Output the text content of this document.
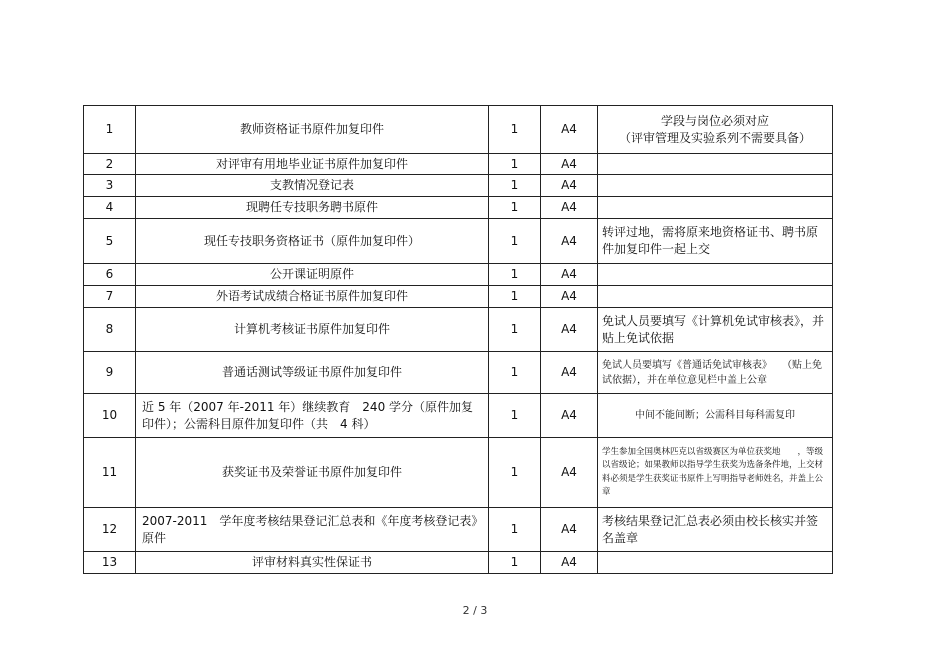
1	教师资格证书原件加复印件	1	A4	学段与岗位必须对应
（评审管理及实验系列不需要具备）
2	对评审有用地毕业证书原件加复印件	1	A4	
3	支教情况登记表	1	A4	
4	现聘任专技职务聘书原件	1	A4	
5	现任专技职务资格证书（原件加复印件）	1	A4	转评过地，需将原来地资格证书、聘书原件加复印件一起上交
6	公开课证明原件	1	A4	
7	外语考试成绩合格证书原件加复印件	1	A4	
8	计算机考核证书原件加复印件	1	A4	免试人员要填写《计算机免试审核表》，并贴上免试依据
9	普通话测试等级证书原件加复印件	1	A4	免试人员要填写《普通话免试审核表》　　（贴上免试依据），并在单位意见栏中盖上公章
10	近 5 年（2007 年-2011 年）继续教育　240 学分（原件加复印件）；公需科目原件加复印件（共　4 科）	1	A4	中间不能间断；公需科目每科需复印
11	获奖证书及荣誉证书原件加复印件	1	A4	学生参加全国奥林匹克以省级赛区为单位获奖地　　，等级以省级论；如果教师以指导学生获奖为选备条件地，上交材料必须是学生获奖证书原件上写明指导老师姓名，并盖上公章
12	2007-2011　学年度考核结果登记汇总表和《年度考核登记表》原件	1	A4	考核结果登记汇总表必须由校长核实并签名盖章
13	评审材料真实性保证书	1	A4	
2 / 3
